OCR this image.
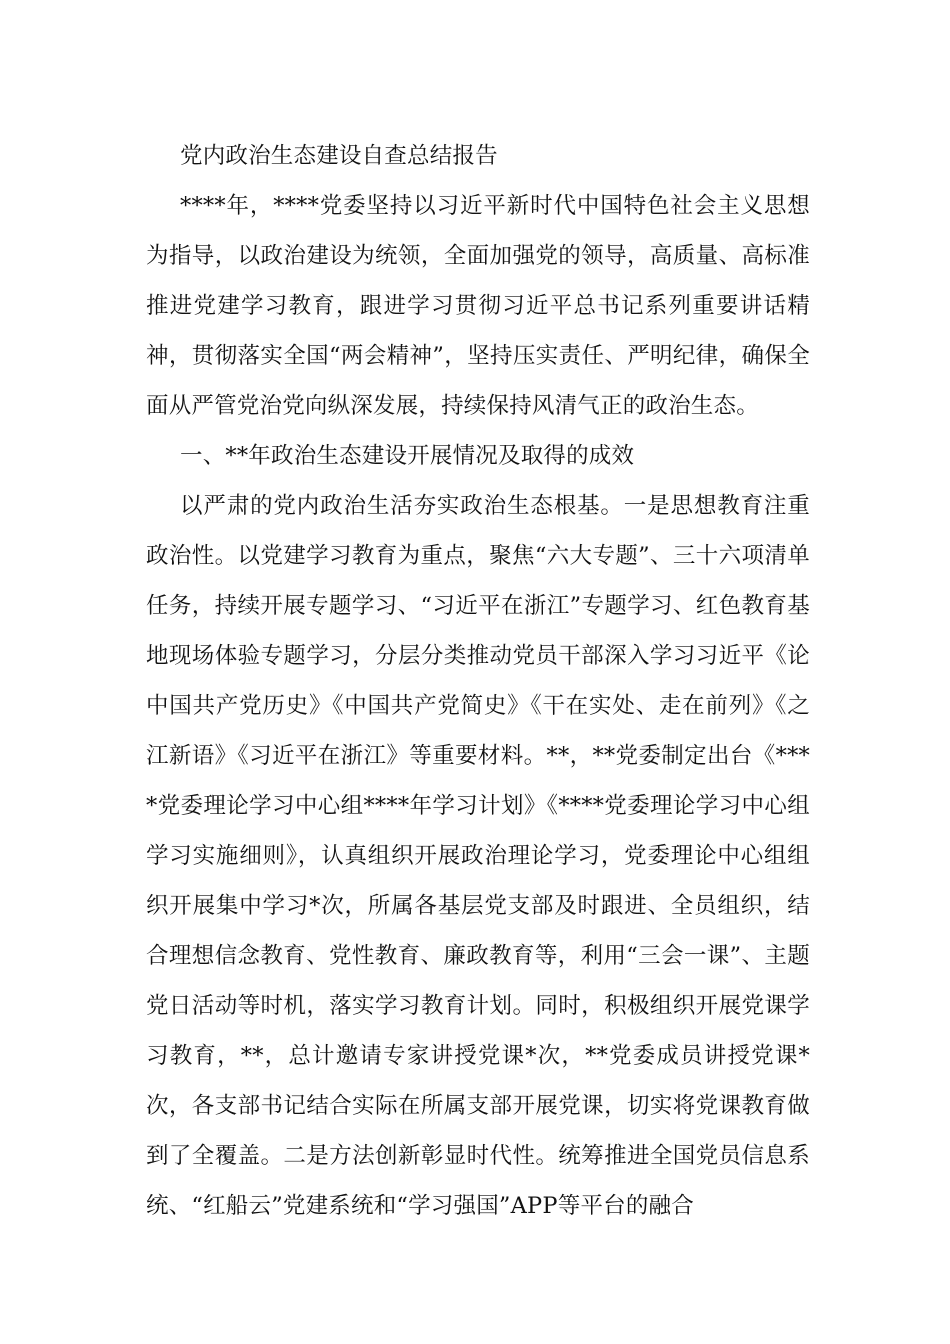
党内政治生态建设自查总结报告

****年，****党委坚持以习近平新时代中国特色社会主义思想为指导，以政治建设为统领，全面加强党的领导，高质量、高标准推进党建学习教育，跟进学习贯彻习近平总书记系列重要讲话精神，贯彻落实全国“两会精神”，坚持压实责任、严明纪律，确保全面从严管党治党向纵深发展，持续保持风清气正的政治生态。

一、**年政治生态建设开展情况及取得的成效

以严肃的党内政治生活夯实政治生态根基。一是思想教育注重政治性。以党建学习教育为重点，聚焦“六大专题”、三十六项清单任务，持续开展专题学习、“习近平在浙江”专题学习、红色教育基地现场体验专题学习，分层分类推动党员干部深入学习习近平《论中国共产党历史》《中国共产党简史》《干在实处、走在前列》《之江新语》《习近平在浙江》等重要材料。**，**党委制定出台《****党委理论学习中心组****年学习计划》《****党委理论学习中心组学习实施细则》，认真组织开展政治理论学习，党委理论中心组组织开展集中学习*次，所属各基层党支部及时跟进、全员组织，结合理想信念教育、党性教育、廉政教育等，利用“三会一课”、主题党日活动等时机，落实学习教育计划。同时，积极组织开展党课学习教育，**，总计邀请专家讲授党课*次，**党委成员讲授党课*次，各支部书记结合实际在所属支部开展党课，切实将党课教育做到了全覆盖。二是方法创新彰显时代性。统筹推进全国党员信息系统、“红船云”党建系统和“学习强国”APP等平台的融合
